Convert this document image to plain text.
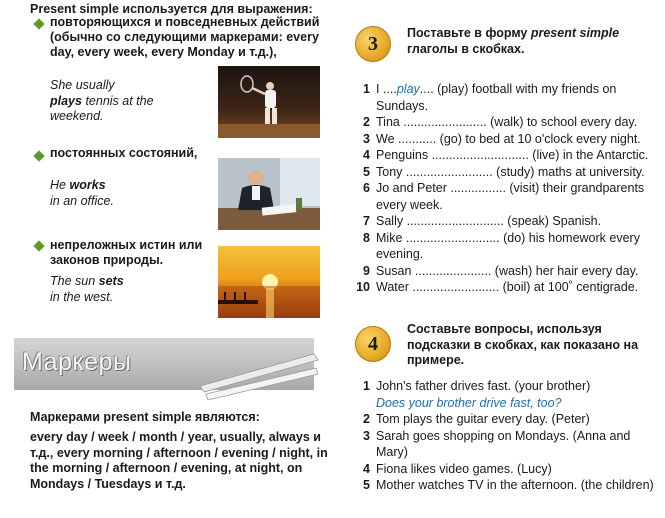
Present simple используется для выражения:
повторяющихся и повседневных действий (обычно со следующими маркерами: every day, every week, every Monday и т.д.),
She usually
plays tennis at the weekend.
постоянных состояний,
He works
in an office.
непреложных истин или законов природы.
The sun sets
in the west.
Маркеры
Маркерами present simple являются:
every day / week / month / year, usually, always и т.д., every morning / afternoon / evening / night, in the morning / afternoon / evening, at night, on Mondays / Tuesdays и т.д.
3	Поставьте в форму present simple глаголы в скобках.
1 I ....play.... (play) football with my friends on Sundays.
2 Tina ........................ (walk) to school every day.
3 We ........... (go) to bed at 10 o'clock every night.
4 Penguins ............................ (live) in the Antarctic.
5 Tony ......................... (study) maths at university.
6 Jo and Peter ................ (visit) their grandparents every week.
7 Sally ............................ (speak) Spanish.
8 Mike ........................... (do) his homework every evening.
9 Susan ...................... (wash) her hair every day.
10 Water ......................... (boil) at 100˚ centigrade.
4
Составьте вопросы, используя подсказки в скобках, как показано на примере.
1 John's father drives fast. (your brother)
Does your brother drive fast, too?
2 Tom plays the guitar every day. (Peter)
3 Sarah goes shopping on Mondays. (Anna and Mary)
4 Fiona likes video games. (Lucy)
5 Mother watches TV in the afternoon. (the children)
